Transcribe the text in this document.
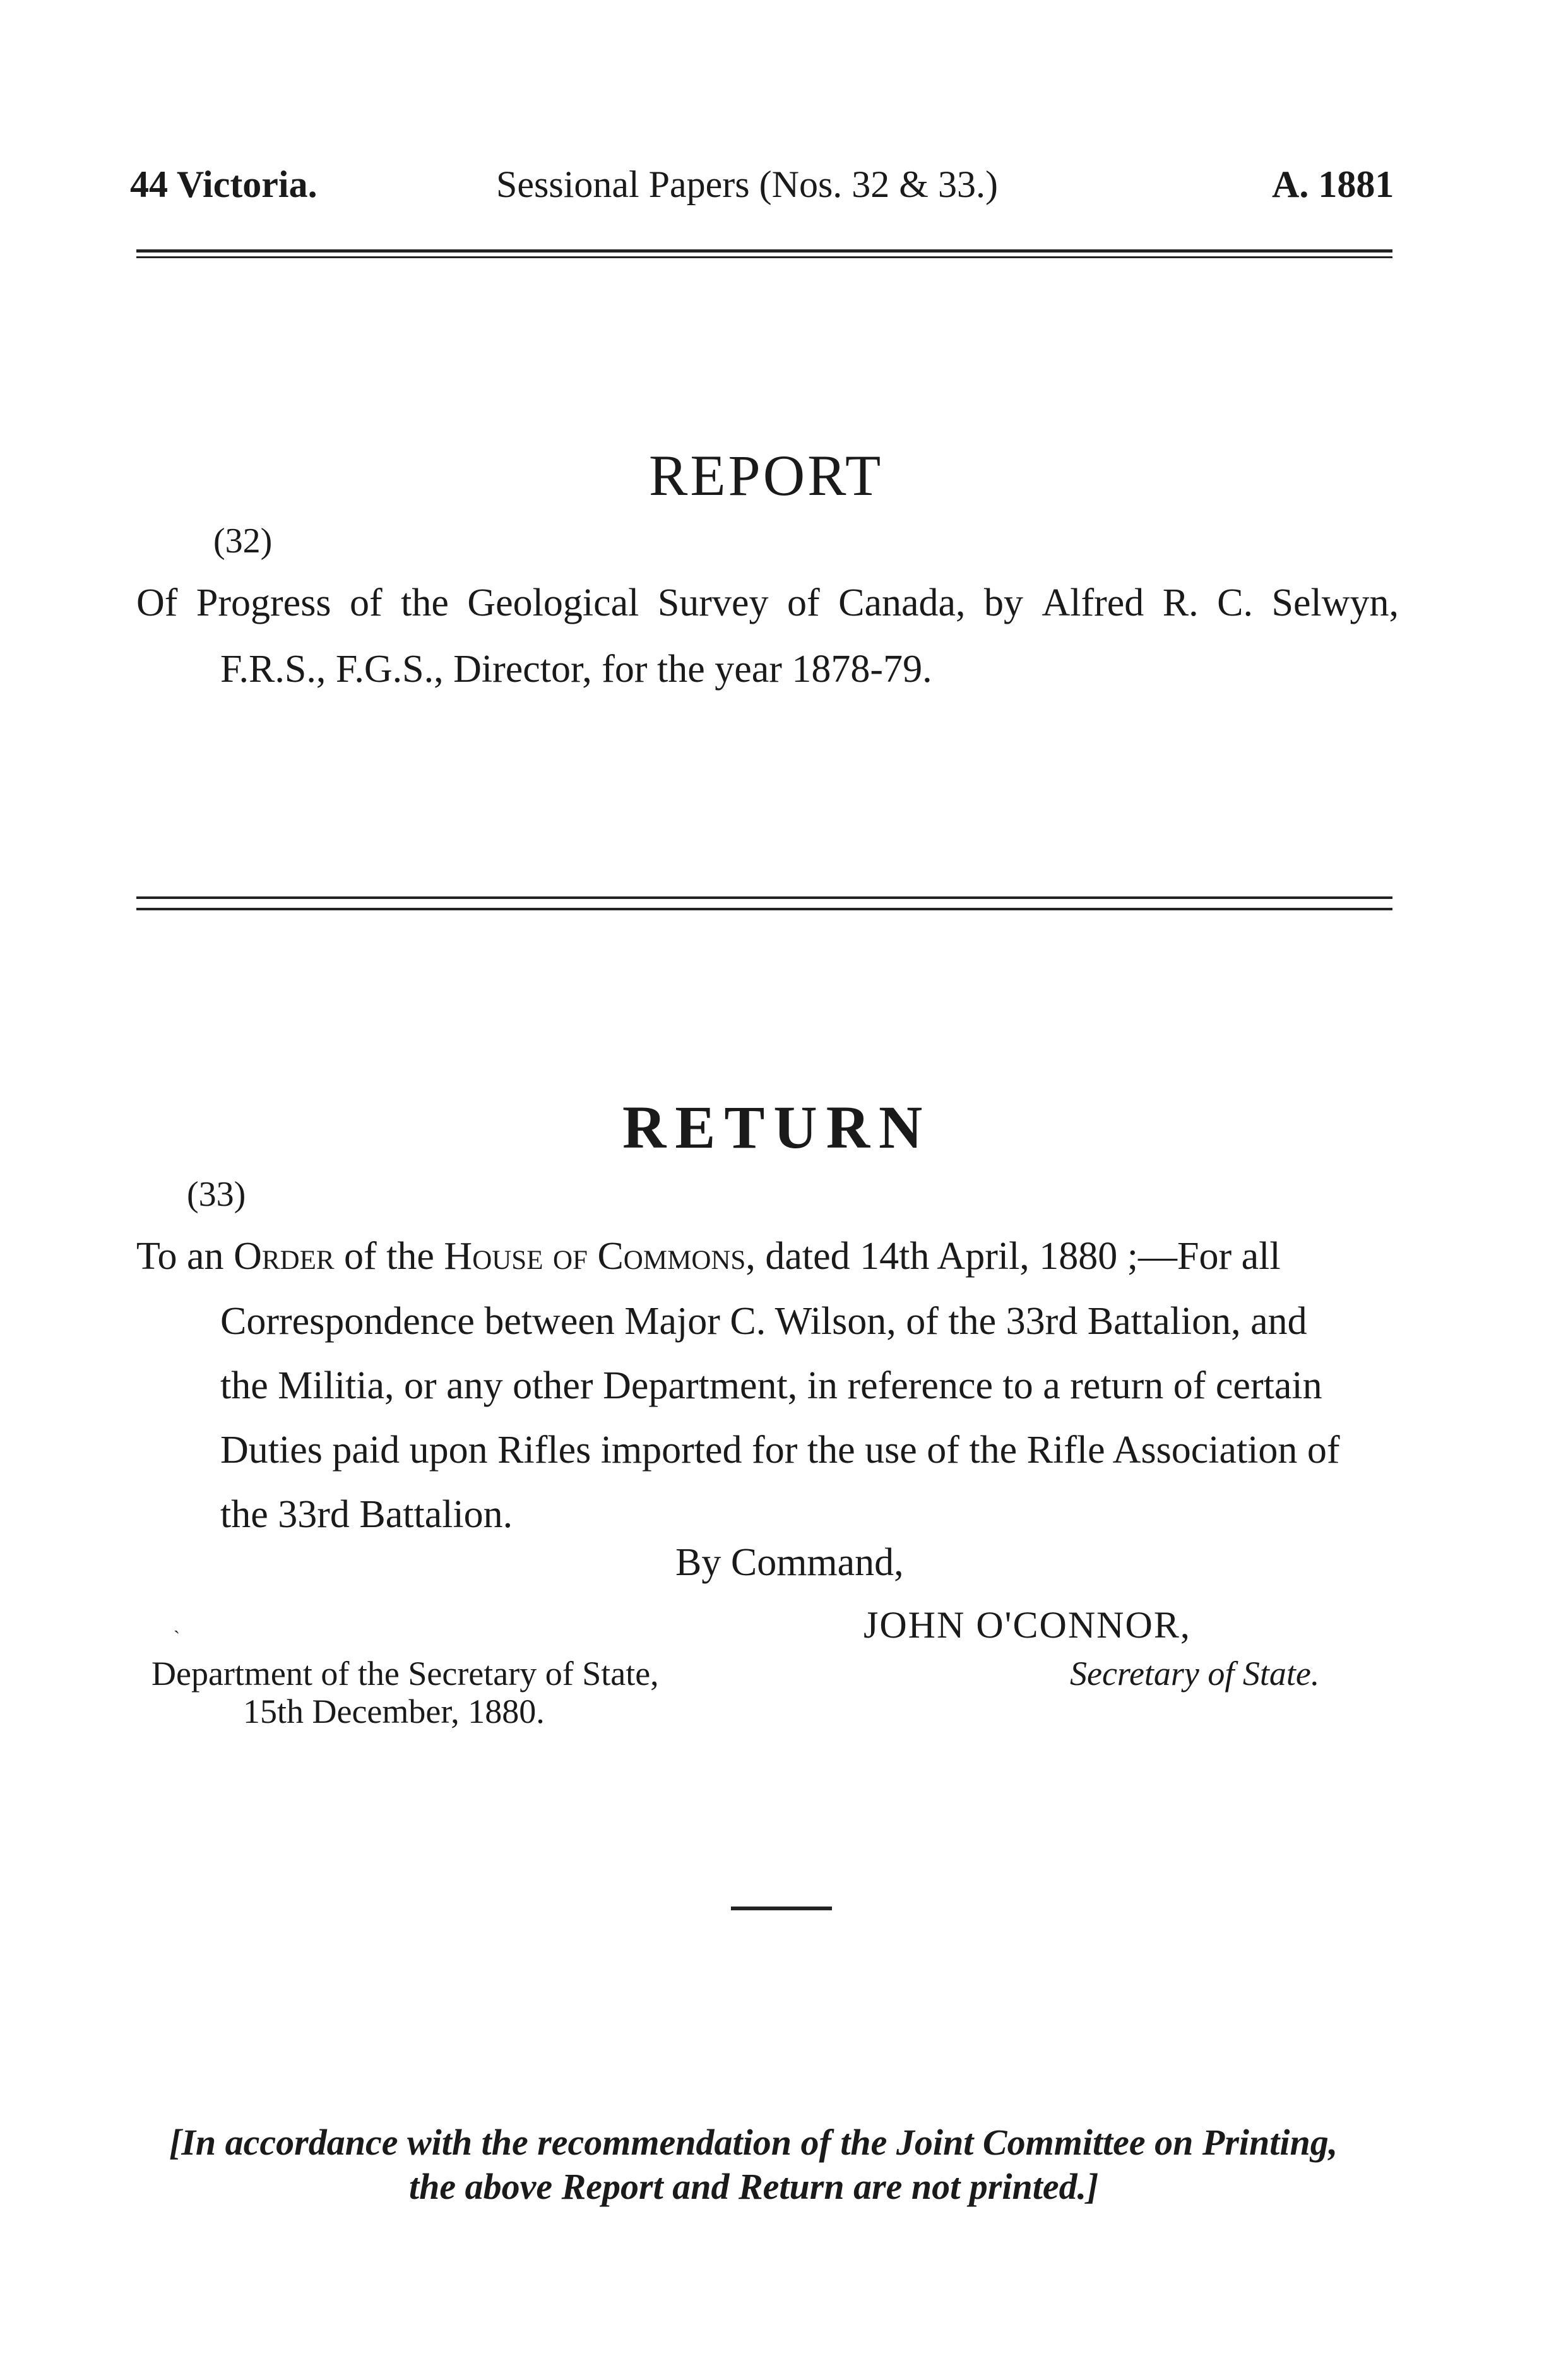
44 Victoria.	Sessional Papers (Nos. 32 & 33.)	A. 1881
REPORT
(32)
Of Progress of the Geological Survey of Canada, by Alfred R. C. Selwyn,
F.R.S., F.G.S., Director, for the year 1878-79.
RETURN
(33)
To an Order of the House of Commons, dated 14th April, 1880 ;—For all
Correspondence between Major C. Wilson, of the 33rd Battalion, and
the Militia, or any other Department, in reference to a return of certain
Duties paid upon Rifles imported for the use of the Rifle Association of
the 33rd Battalion.
By Command,
ˎ	JOHN O'CONNOR,
Department of the Secretary of State,
15th December, 1880.
Secretary of State.
[In accordance with the recommendation of the Joint Committee on Printing,
the above Report and Return are not printed.]
